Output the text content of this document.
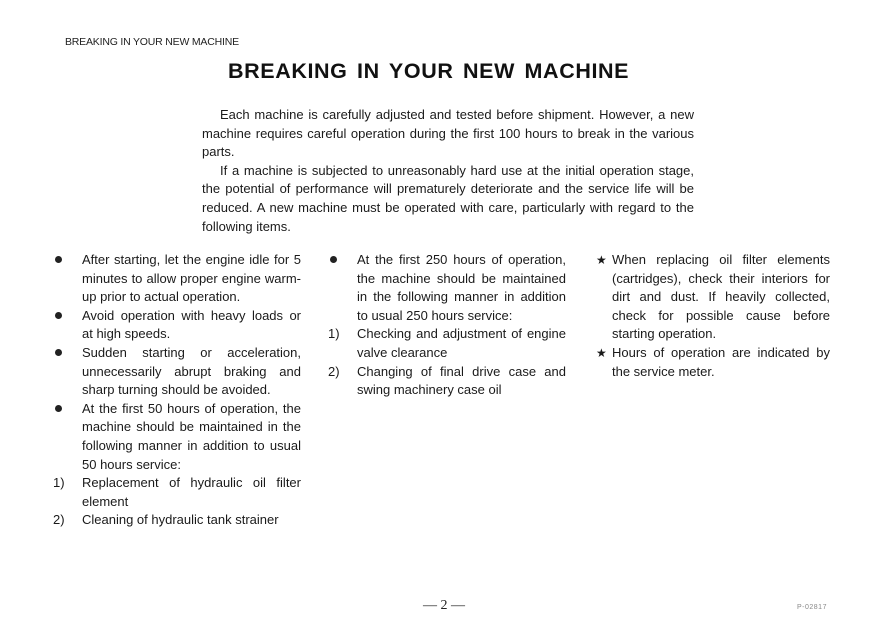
BREAKING IN YOUR NEW MACHINE
BREAKING IN YOUR NEW MACHINE

Each machine is carefully adjusted and tested before shipment. However, a new machine requires careful operation during the first 100 hours to break in the various parts.

If a machine is subjected to unreasonably hard use at the initial operation stage, the potential of performance will prematurely deteriorate and the service life will be reduced. A new machine must be operated with care, particularly with regard to the following items.

After starting, let the engine idle for 5 minutes to allow proper engine warm-up prior to actual operation.

Avoid operation with heavy loads or at high speeds.

Sudden starting or acceleration, unnecessarily abrupt braking and sharp turning should be avoided.

At the first 50 hours of operation, the machine should be maintained in the following manner in addition to usual 50 hours service:

1)	Replacement of hydraulic oil filter element

2)	Cleaning of hydraulic tank strainer

At the first 250 hours of operation, the machine should be maintained in the following manner in addition to usual 250 hours service:

1)	Checking and adjustment of engine valve clearance

2)	Changing of final drive case and swing machinery case oil

★ When replacing oil filter elements (cartridges), check their interiors for dirt and dust. If heavily collected, check for possible cause before starting operation.

★ Hours of operation are indicated by the service meter.

— 2 —	P-02817
